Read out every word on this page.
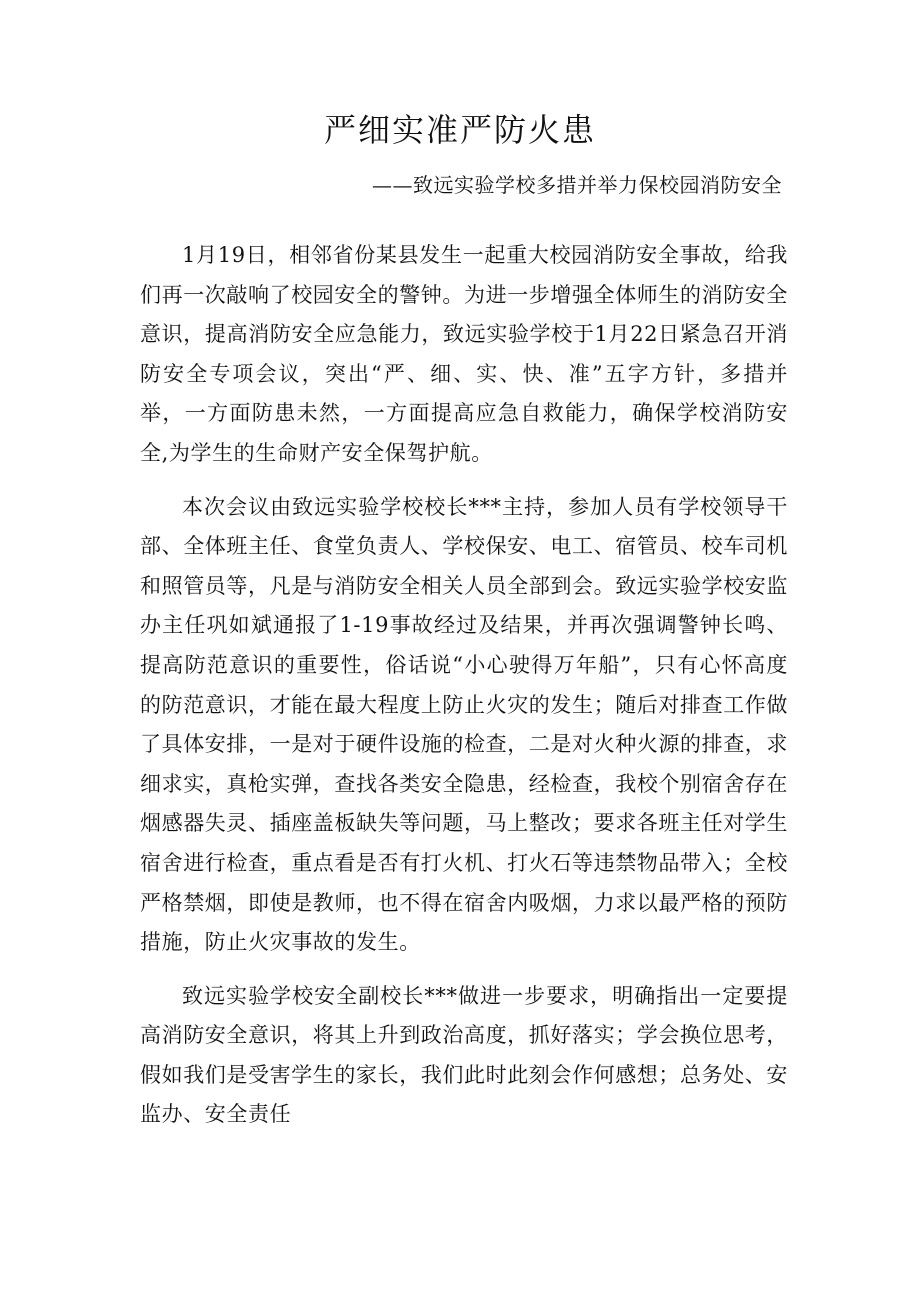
严细实准严防火患

——致远实验学校多措并举力保校园消防安全

1月19日，相邻省份某县发生一起重大校园消防安全事故，给我们再一次敲响了校园安全的警钟。为进一步增强全体师生的消防安全意识，提高消防安全应急能力，致远实验学校于1月22日紧急召开消防安全专项会议，突出“严、细、实、快、准”五字方针，多措并举，一方面防患未然，一方面提高应急自救能力，确保学校消防安全,为学生的生命财产安全保驾护航。

本次会议由致远实验学校校长***主持，参加人员有学校领导干部、全体班主任、食堂负责人、学校保安、电工、宿管员、校车司机和照管员等，凡是与消防安全相关人员全部到会。致远实验学校安监办主任巩如斌通报了1-19事故经过及结果，并再次强调警钟长鸣、提高防范意识的重要性，俗话说“小心驶得万年船”，只有心怀高度的防范意识，才能在最大程度上防止火灾的发生；随后对排查工作做了具体安排，一是对于硬件设施的检查，二是对火种火源的排查，求细求实，真枪实弹，查找各类安全隐患，经检查，我校个别宿舍存在烟感器失灵、插座盖板缺失等问题，马上整改；要求各班主任对学生宿舍进行检查，重点看是否有打火机、打火石等违禁物品带入；全校严格禁烟，即使是教师，也不得在宿舍内吸烟，力求以最严格的预防措施，防止火灾事故的发生。

致远实验学校安全副校长***做进一步要求，明确指出一定要提高消防安全意识，将其上升到政治高度，抓好落实；学会换位思考，假如我们是受害学生的家长，我们此时此刻会作何感想；总务处、安监办、安全责任
